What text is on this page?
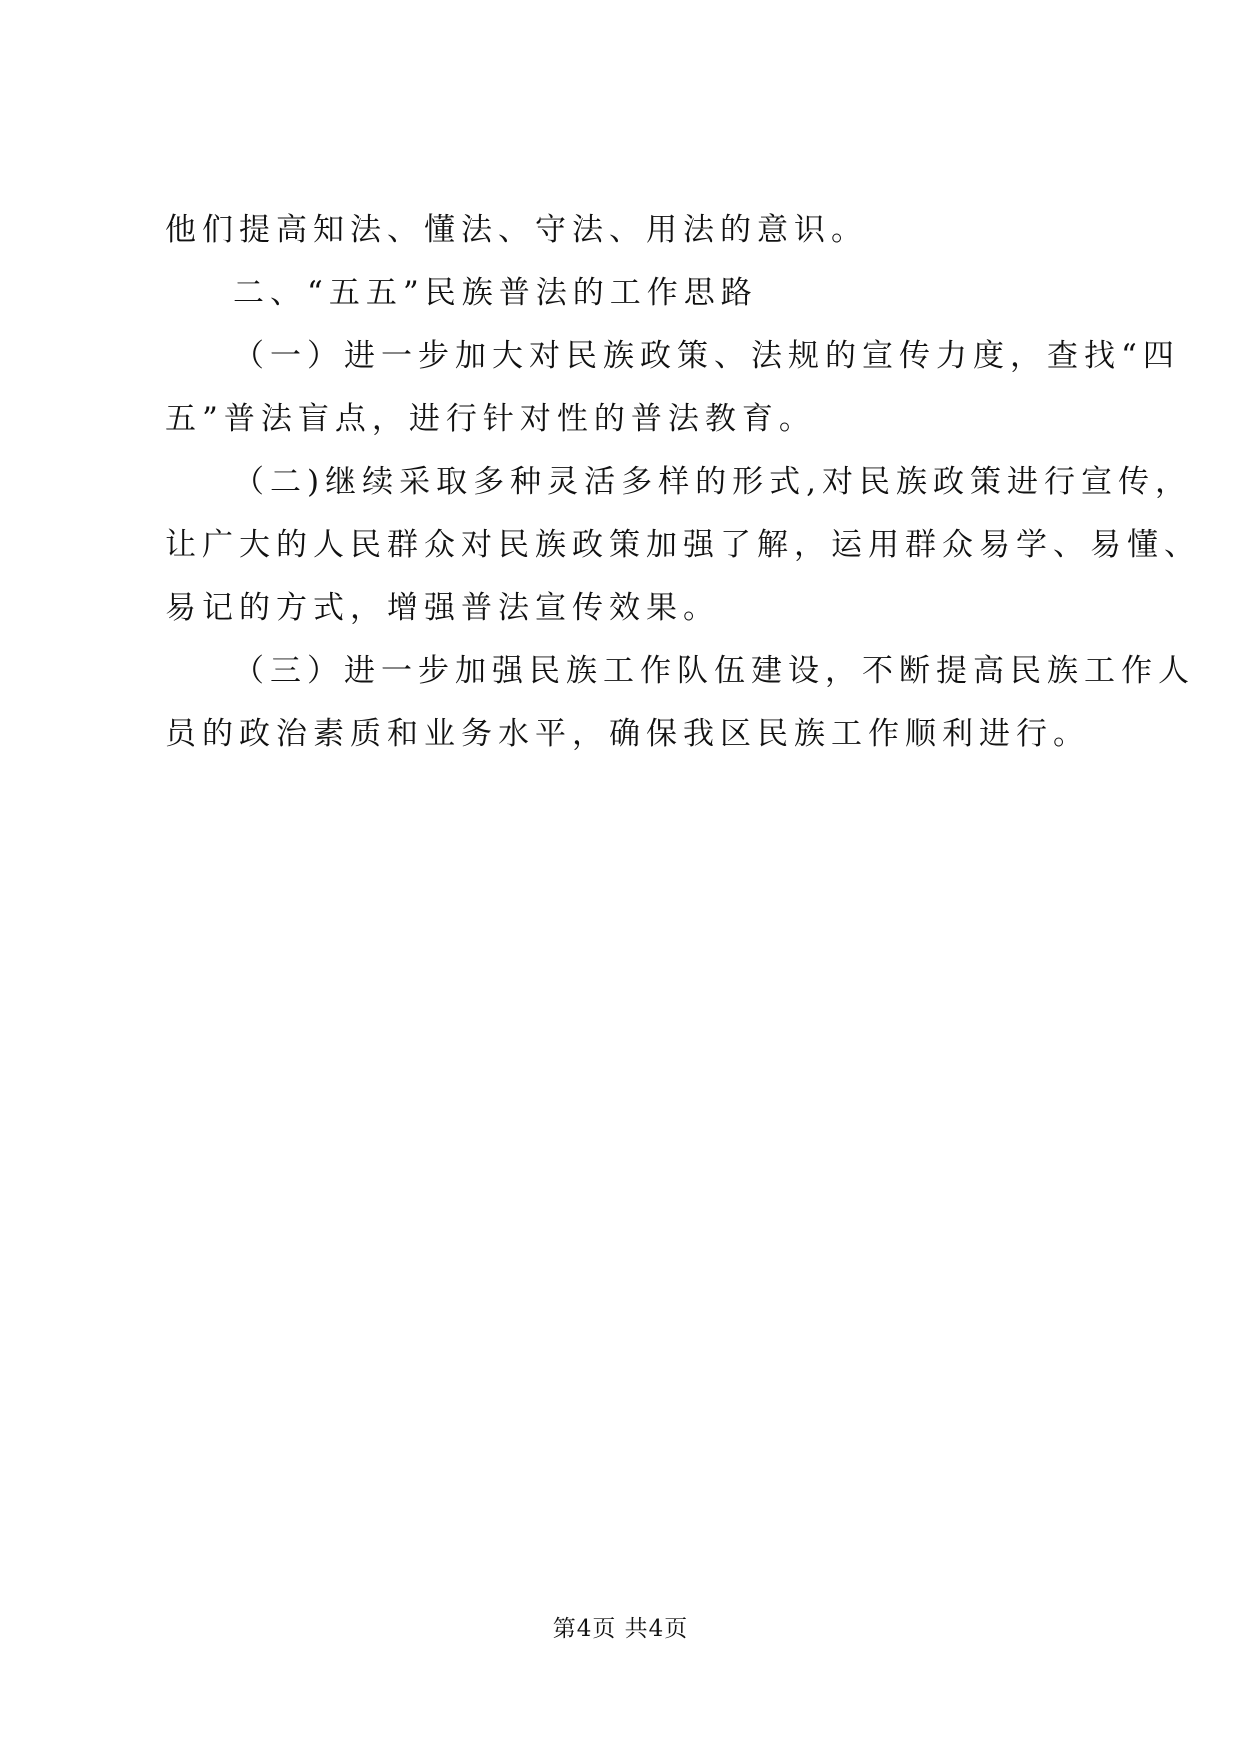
他们提高知法、懂法、守法、用法的意识。
二、“五五”民族普法的工作思路
（一）进一步加大对民族政策、法规的宣传力度，查找“四
五”普法盲点，进行针对性的普法教育。
（二)继续采取多种灵活多样的形式,对民族政策进行宣传，
让广大的人民群众对民族政策加强了解，运用群众易学、易懂、
易记的方式，增强普法宣传效果。
（三）进一步加强民族工作队伍建设，不断提高民族工作人
员的政治素质和业务水平，确保我区民族工作顺利进行。
第4页 共4页
